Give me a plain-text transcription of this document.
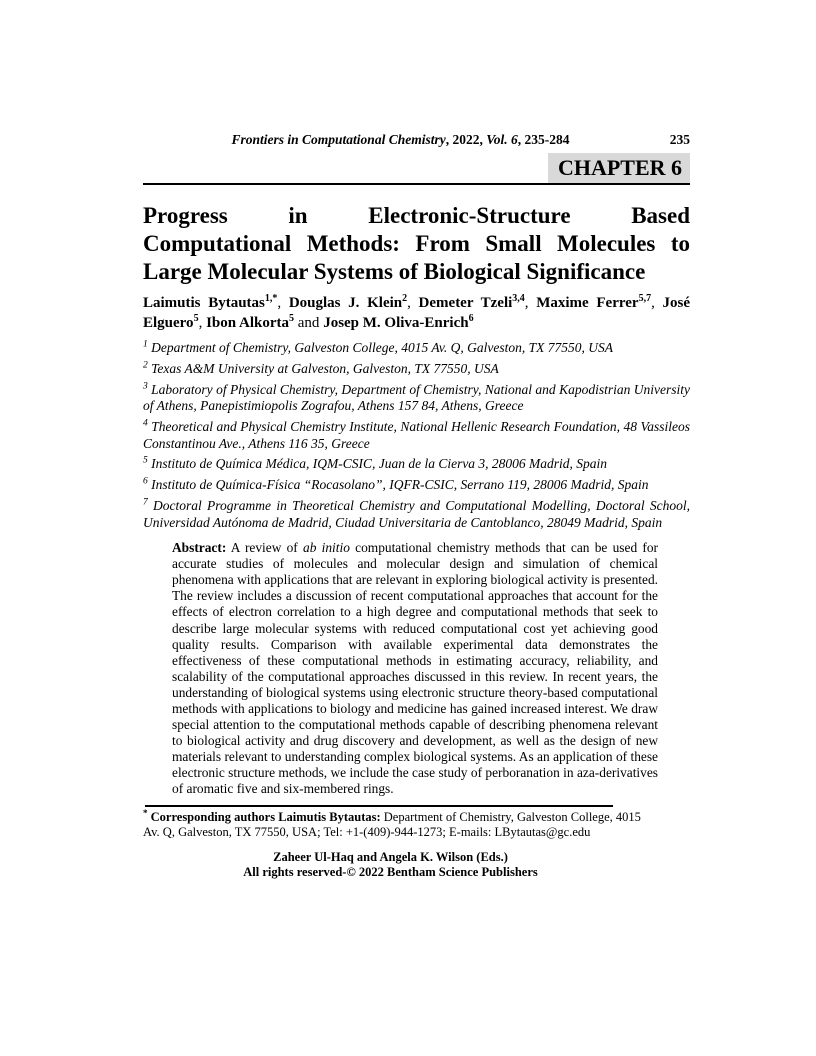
Frontiers in Computational Chemistry, 2022, Vol. 6, 235-284	235
CHAPTER 6
Progress in Electronic-Structure Based
Computational Methods: From Small Molecules to
Large Molecular Systems of Biological Significance
Laimutis Bytautas$^{1,*}$, Douglas J. Klein$^2$, Demeter Tzeli$^{3,4}$, Maxime Ferrer$^{5,7}$, José Elguero$^5$, Ibon Alkorta$^5$ and Josep M. Oliva-Enrich$^6$
$^1$ Department of Chemistry, Galveston College, 4015 Av. Q, Galveston, TX 77550, USA
$^2$ Texas A&M University at Galveston, Galveston, TX 77550, USA
$^3$ Laboratory of Physical Chemistry, Department of Chemistry, National and Kapodistrian University of Athens, Panepistimiopolis Zografou, Athens 157 84, Athens, Greece
$^4$ Theoretical and Physical Chemistry Institute, National Hellenic Research Foundation, 48 Vassileos Constantinou Ave., Athens 116 35, Greece
$^5$ Instituto de Química Médica, IQM-CSIC, Juan de la Cierva 3, 28006 Madrid, Spain
$^6$ Instituto de Química-Física “Rocasolano”, IQFR-CSIC, Serrano 119, 28006 Madrid, Spain
$^7$ Doctoral Programme in Theoretical Chemistry and Computational Modelling, Doctoral School, Universidad Autónoma de Madrid, Ciudad Universitaria de Cantoblanco, 28049 Madrid, Spain
Abstract: A review of ab initio computational chemistry methods that can be used for accurate studies of molecules and molecular design and simulation of chemical phenomena with applications that are relevant in exploring biological activity is presented. The review includes a discussion of recent computational approaches that account for the effects of electron correlation to a high degree and computational methods that seek to describe large molecular systems with reduced computational cost yet achieving good quality results. Comparison with available experimental data demonstrates the effectiveness of these computational methods in estimating accuracy, reliability, and scalability of the computational approaches discussed in this review. In recent years, the understanding of biological systems using electronic structure theory-based computational methods with applications to biology and medicine has gained increased interest. We draw special attention to the computational methods capable of describing phenomena relevant to biological activity and drug discovery and development, as well as the design of new materials relevant to understanding complex biological systems. As an application of these electronic structure methods, we include the case study of perboranation in aza-derivatives of aromatic five and six-membered rings.
* Corresponding authors Laimutis Bytautas: Department of Chemistry, Galveston College, 4015 Av. Q, Galveston, TX 77550, USA; Tel: +1-(409)-944-1273; E-mails: LBytautas@gc.edu
Zaheer Ul-Haq and Angela K. Wilson (Eds.)
All rights reserved-© 2022 Bentham Science Publishers
